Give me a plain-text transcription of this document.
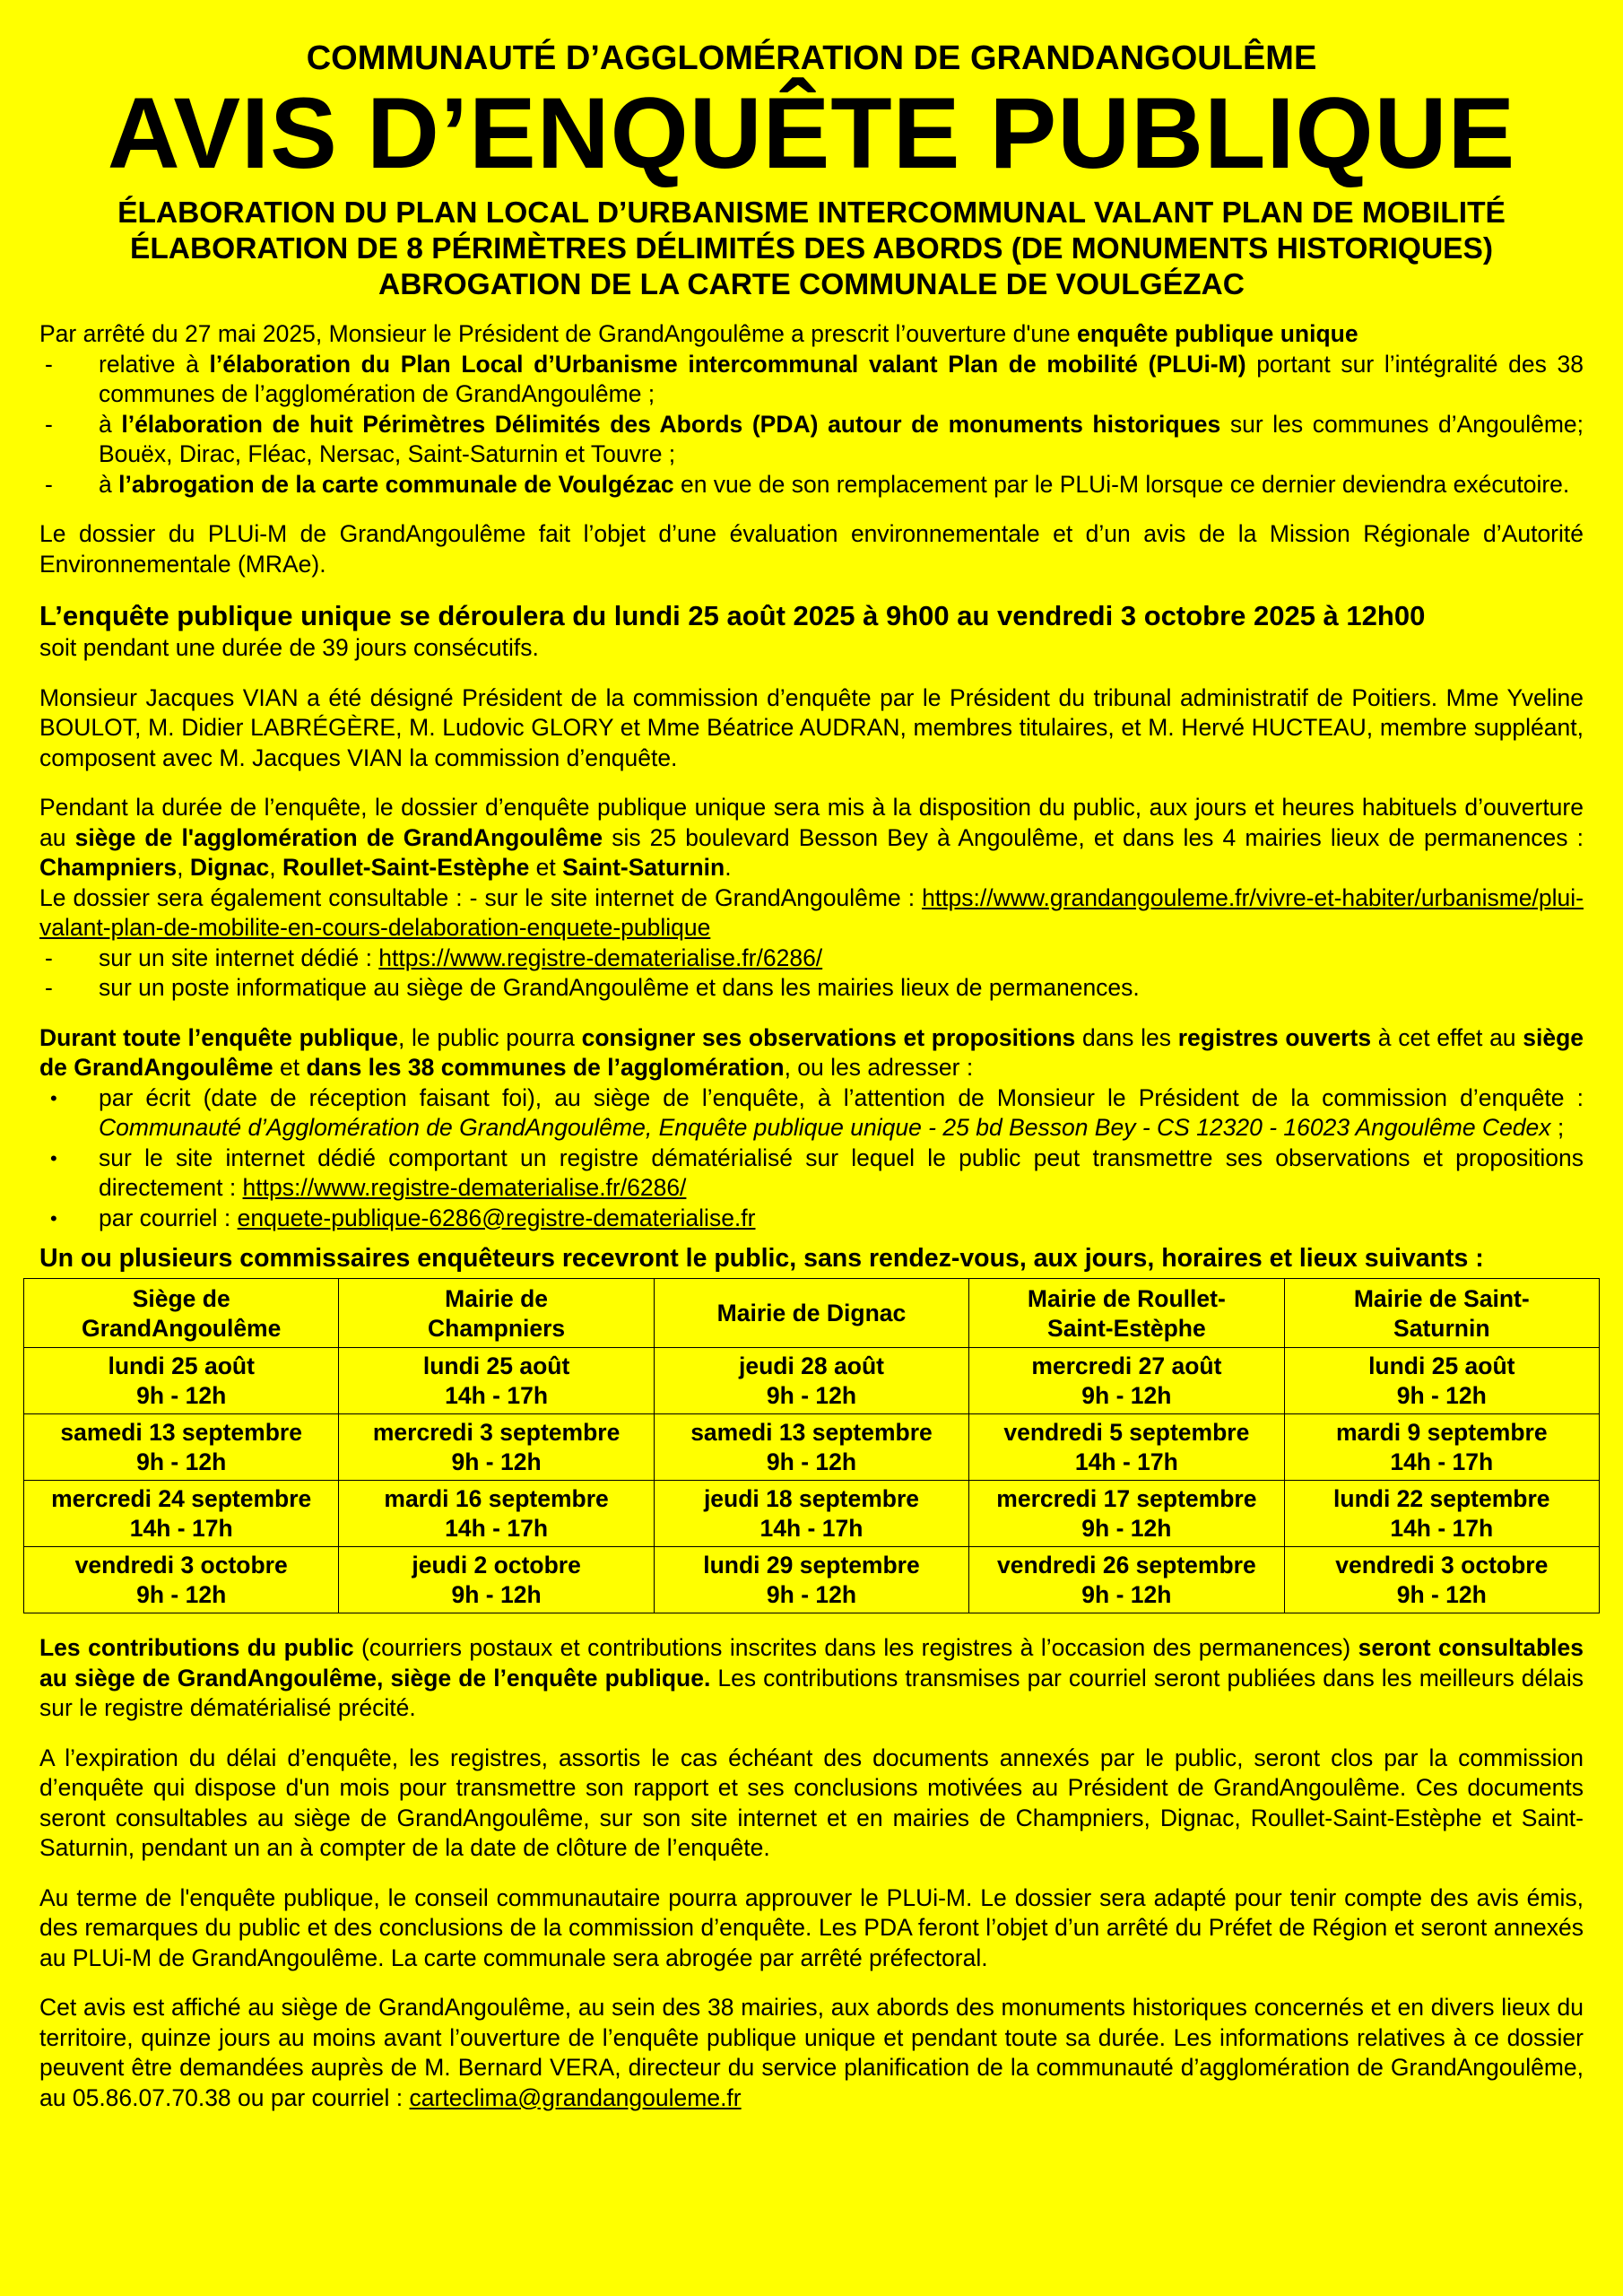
COMMUNAUTÉ D’AGGLOMÉRATION DE GRANDANGOULÊME
AVIS D’ENQUÊTE PUBLIQUE
ÉLABORATION DU PLAN LOCAL D’URBANISME INTERCOMMUNAL VALANT PLAN DE MOBILITÉ
ÉLABORATION DE 8 PÉRIMÈTRES DÉLIMITÉS DES ABORDS (DE MONUMENTS HISTORIQUES)
ABROGATION DE LA CARTE COMMUNALE DE VOULGÉZAC

Par arrêté du 27 mai 2025, Monsieur le Président de GrandAngoulême a prescrit l’ouverture d'une enquête publique unique

- relative à l’élaboration du Plan Local d’Urbanisme intercommunal valant Plan de mobilité (PLUi-M) portant sur l’intégralité des 38 communes de l’agglomération de GrandAngoulême ;
- à l’élaboration de huit Périmètres Délimités des Abords (PDA) autour de monuments historiques sur les communes d’Angoulême; Bouëx, Dirac, Fléac, Nersac, Saint-Saturnin et Touvre ;
- à l’abrogation de la carte communale de Voulgézac en vue de son remplacement par le PLUi-M lorsque ce dernier deviendra exécutoire.

Le dossier du PLUi-M de GrandAngoulême fait l’objet d’une évaluation environnementale et d’un avis de la Mission Régionale d’Autorité Environnementale (MRAe).

L’enquête publique unique se déroulera du lundi 25 août 2025 à 9h00 au vendredi 3 octobre 2025 à 12h00

soit pendant une durée de 39 jours consécutifs.

Monsieur Jacques VIAN a été désigné Président de la commission d’enquête par le Président du tribunal administratif de Poitiers. Mme Yveline BOULOT, M. Didier LABRÉGÈRE, M. Ludovic GLORY et Mme Béatrice AUDRAN, membres titulaires, et M. Hervé HUCTEAU, membre suppléant, composent avec M. Jacques VIAN la commission d’enquête.

Pendant la durée de l’enquête, le dossier d’enquête publique unique sera mis à la disposition du public, aux jours et heures habituels d’ouverture au siège de l'agglomération de GrandAngoulême sis 25 boulevard Besson Bey à Angoulême, et dans les 4 mairies lieux de permanences : Champniers, Dignac, Roullet-Saint-Estèphe et Saint-Saturnin.

Le dossier sera également consultable : - sur le site internet de GrandAngoulême : https://www.grandangouleme.fr/vivre-et-habiter/urbanisme/plui-valant-plan-de-mobilite-en-cours-delaboration-enquete-publique

- sur un site internet dédié : https://www.registre-dematerialise.fr/6286/
- sur un poste informatique au siège de GrandAngoulême et dans les mairies lieux de permanences.

Durant toute l’enquête publique, le public pourra consigner ses observations et propositions dans les registres ouverts à cet effet au siège de GrandAngoulême et dans les 38 communes de l’agglomération, ou les adresser :

• par écrit (date de réception faisant foi), au siège de l’enquête, à l’attention de Monsieur le Président de la commission d’enquête : Communauté d’Agglomération de GrandAngoulême, Enquête publique unique - 25 bd Besson Bey - CS 12320 - 16023 Angoulême Cedex ;
• sur le site internet dédié comportant un registre dématérialisé sur lequel le public peut transmettre ses observations et propositions directement : https://www.registre-dematerialise.fr/6286/
• par courriel : enquete-publique-6286@registre-dematerialise.fr
Un ou plusieurs commissaires enquêteurs recevront le public, sans rendez-vous, aux jours, horaires et lieux suivants :
Siège de
GrandAngoulême	Mairie de
Champniers	Mairie de Dignac	Mairie de Roullet-
Saint-Estèphe	Mairie de Saint-
Saturnin
lundi 25 août
9h - 12h	lundi 25 août
14h - 17h	jeudi 28 août
9h - 12h	mercredi 27 août
9h - 12h	lundi 25 août
9h - 12h
samedi 13 septembre
9h - 12h	mercredi 3 septembre
9h - 12h	samedi 13 septembre
9h - 12h	vendredi 5 septembre
14h - 17h	mardi 9 septembre
14h - 17h
mercredi 24 septembre
14h - 17h	mardi 16 septembre
14h - 17h	jeudi 18 septembre
14h - 17h	mercredi 17 septembre
9h - 12h	lundi 22 septembre
14h - 17h
vendredi 3 octobre
9h - 12h	jeudi 2 octobre
9h - 12h	lundi 29 septembre
9h - 12h	vendredi 26 septembre
9h - 12h	vendredi 3 octobre
9h - 12h

Les contributions du public (courriers postaux et contributions inscrites dans les registres à l’occasion des permanences) seront consultables au siège de GrandAngoulême, siège de l’enquête publique. Les contributions transmises par courriel seront publiées dans les meilleurs délais sur le registre dématérialisé précité.

A l’expiration du délai d’enquête, les registres, assortis le cas échéant des documents annexés par le public, seront clos par la commission d’enquête qui dispose d'un mois pour transmettre son rapport et ses conclusions motivées au Président de GrandAngoulême. Ces documents seront consultables au siège de GrandAngoulême, sur son site internet et en mairies de Champniers, Dignac, Roullet-Saint-Estèphe et Saint-Saturnin, pendant un an à compter de la date de clôture de l’enquête.

Au terme de l'enquête publique, le conseil communautaire pourra approuver le PLUi-M. Le dossier sera adapté pour tenir compte des avis émis, des remarques du public et des conclusions de la commission d’enquête. Les PDA feront l’objet d’un arrêté du Préfet de Région et seront annexés au PLUi-M de GrandAngoulême. La carte communale sera abrogée par arrêté préfectoral.

Cet avis est affiché au siège de GrandAngoulême, au sein des 38 mairies, aux abords des monuments historiques concernés et en divers lieux du territoire, quinze jours au moins avant l’ouverture de l’enquête publique unique et pendant toute sa durée. Les informations relatives à ce dossier peuvent être demandées auprès de M. Bernard VERA, directeur du service planification de la communauté d’agglomération de GrandAngoulême, au 05.86.07.70.38 ou par courriel : carteclima@grandangouleme.fr
